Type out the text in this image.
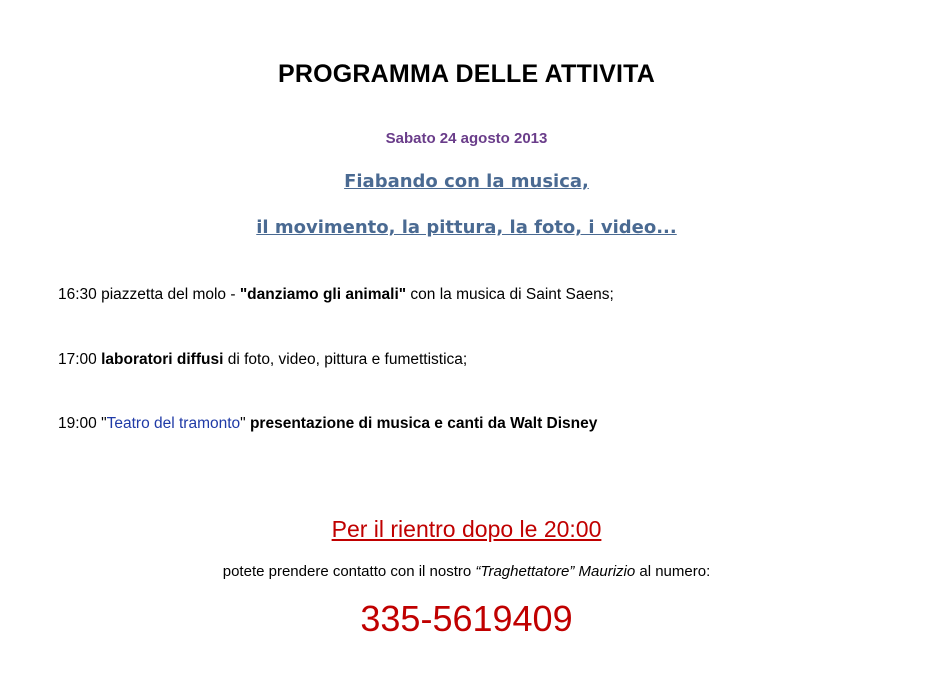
PROGRAMMA DELLE ATTIVITA
Sabato 24 agosto 2013
Fiabando con la musica,
il movimento, la pittura, la foto, i video...
16:30 piazzetta del molo - "danziamo gli animali" con la musica di Saint Saens;
17:00 laboratori diffusi di foto, video, pittura e fumettistica;
19:00 "Teatro del tramonto" presentazione di musica e canti da Walt Disney
Per il rientro dopo le 20:00
potete prendere contatto con il nostro “Traghettatore” Maurizio al numero:
335-5619409
